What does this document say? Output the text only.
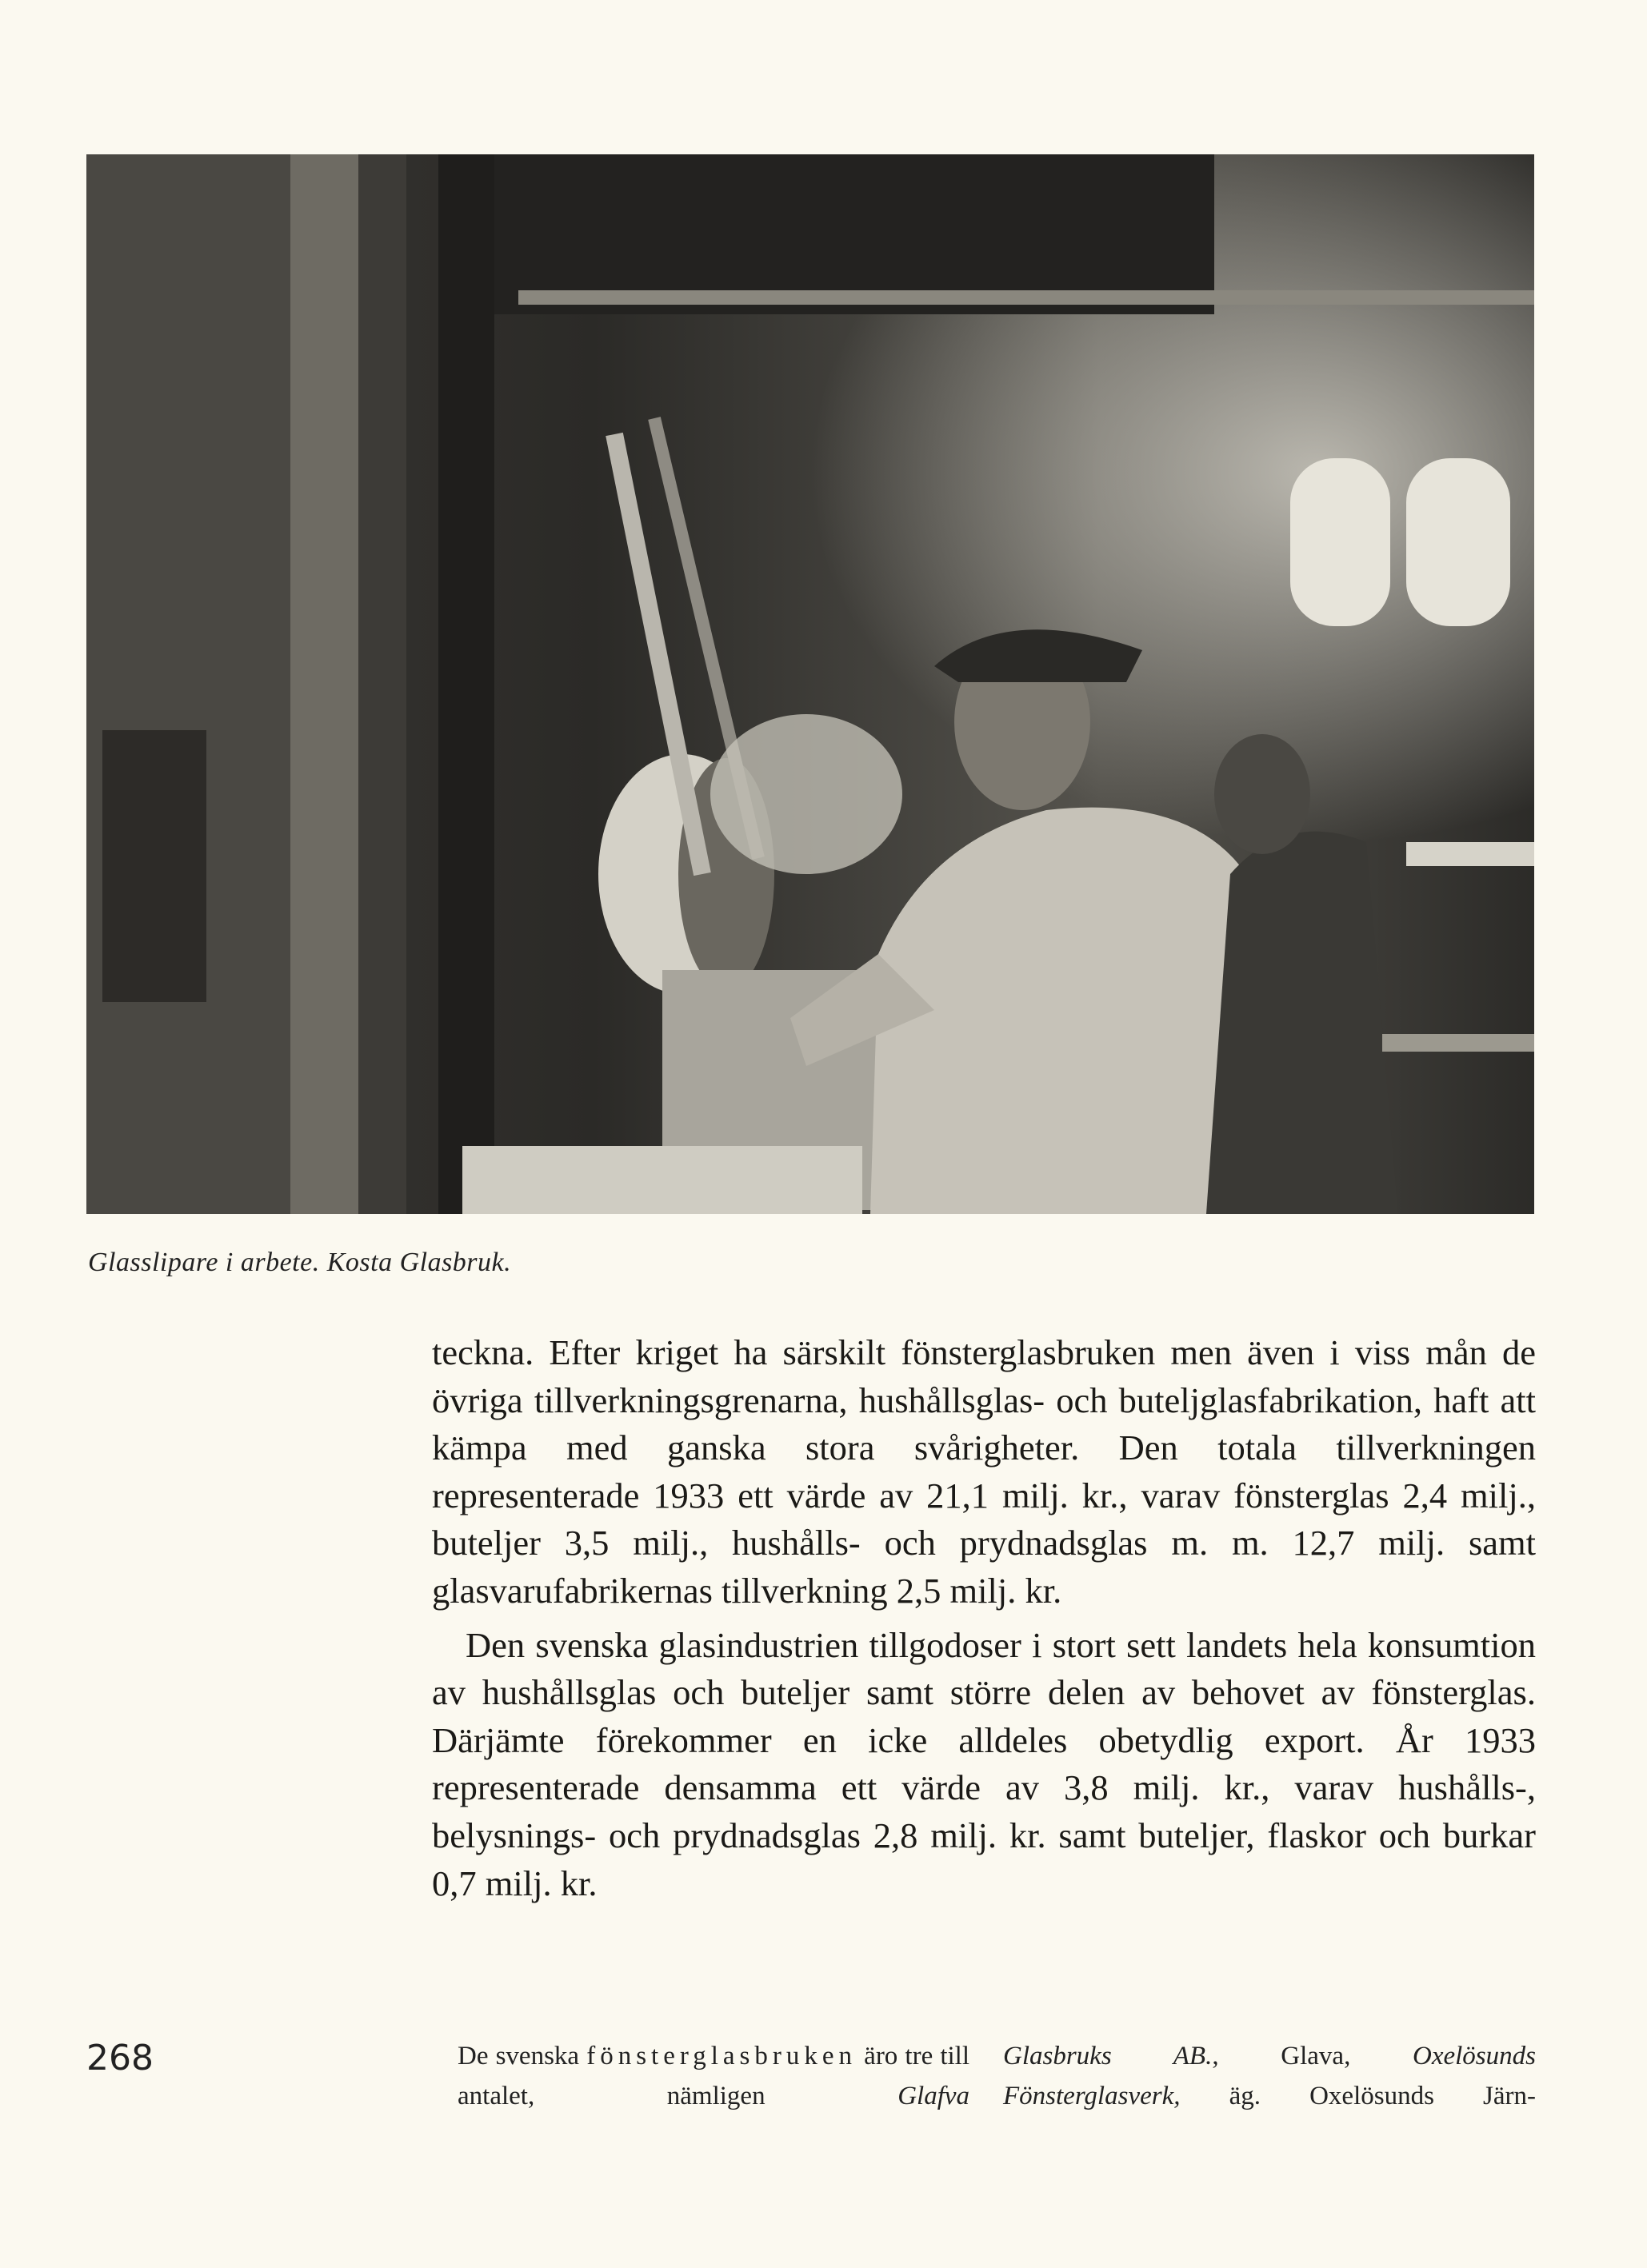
Glasslipare i arbete. Kosta Glasbruk.

teckna. Efter kriget ha särskilt fönsterglasbruken men även i viss mån de övriga tillverkningsgrenarna, hushållsglas- och buteljglasfabrikation, haft att kämpa med ganska stora svårigheter. Den totala tillverkningen representerade 1933 ett värde av 21,1 milj. kr., varav fönsterglas 2,4 milj., buteljer 3,5 milj., hushålls- och prydnadsglas m. m. 12,7 milj. samt glasvarufabrikernas tillverkning 2,5 milj. kr.

Den svenska glasindustrien tillgodoser i stort sett landets hela konsumtion av hushållsglas och buteljer samt större delen av behovet av fönsterglas. Därjämte förekommer en icke alldeles obetydlig export. År 1933 representerade densamma ett värde av 3,8 milj. kr., varav hushålls-, belysnings- och prydnadsglas 2,8 milj. kr. samt buteljer, flaskor och burkar 0,7 milj. kr.

De svenska fönsterglasbruken äro tre till antalet, nämligen	Glafva
Glasbruks AB., Glava, Oxelösunds Fönsterglasverk, äg. Oxelösunds Järn-
268
